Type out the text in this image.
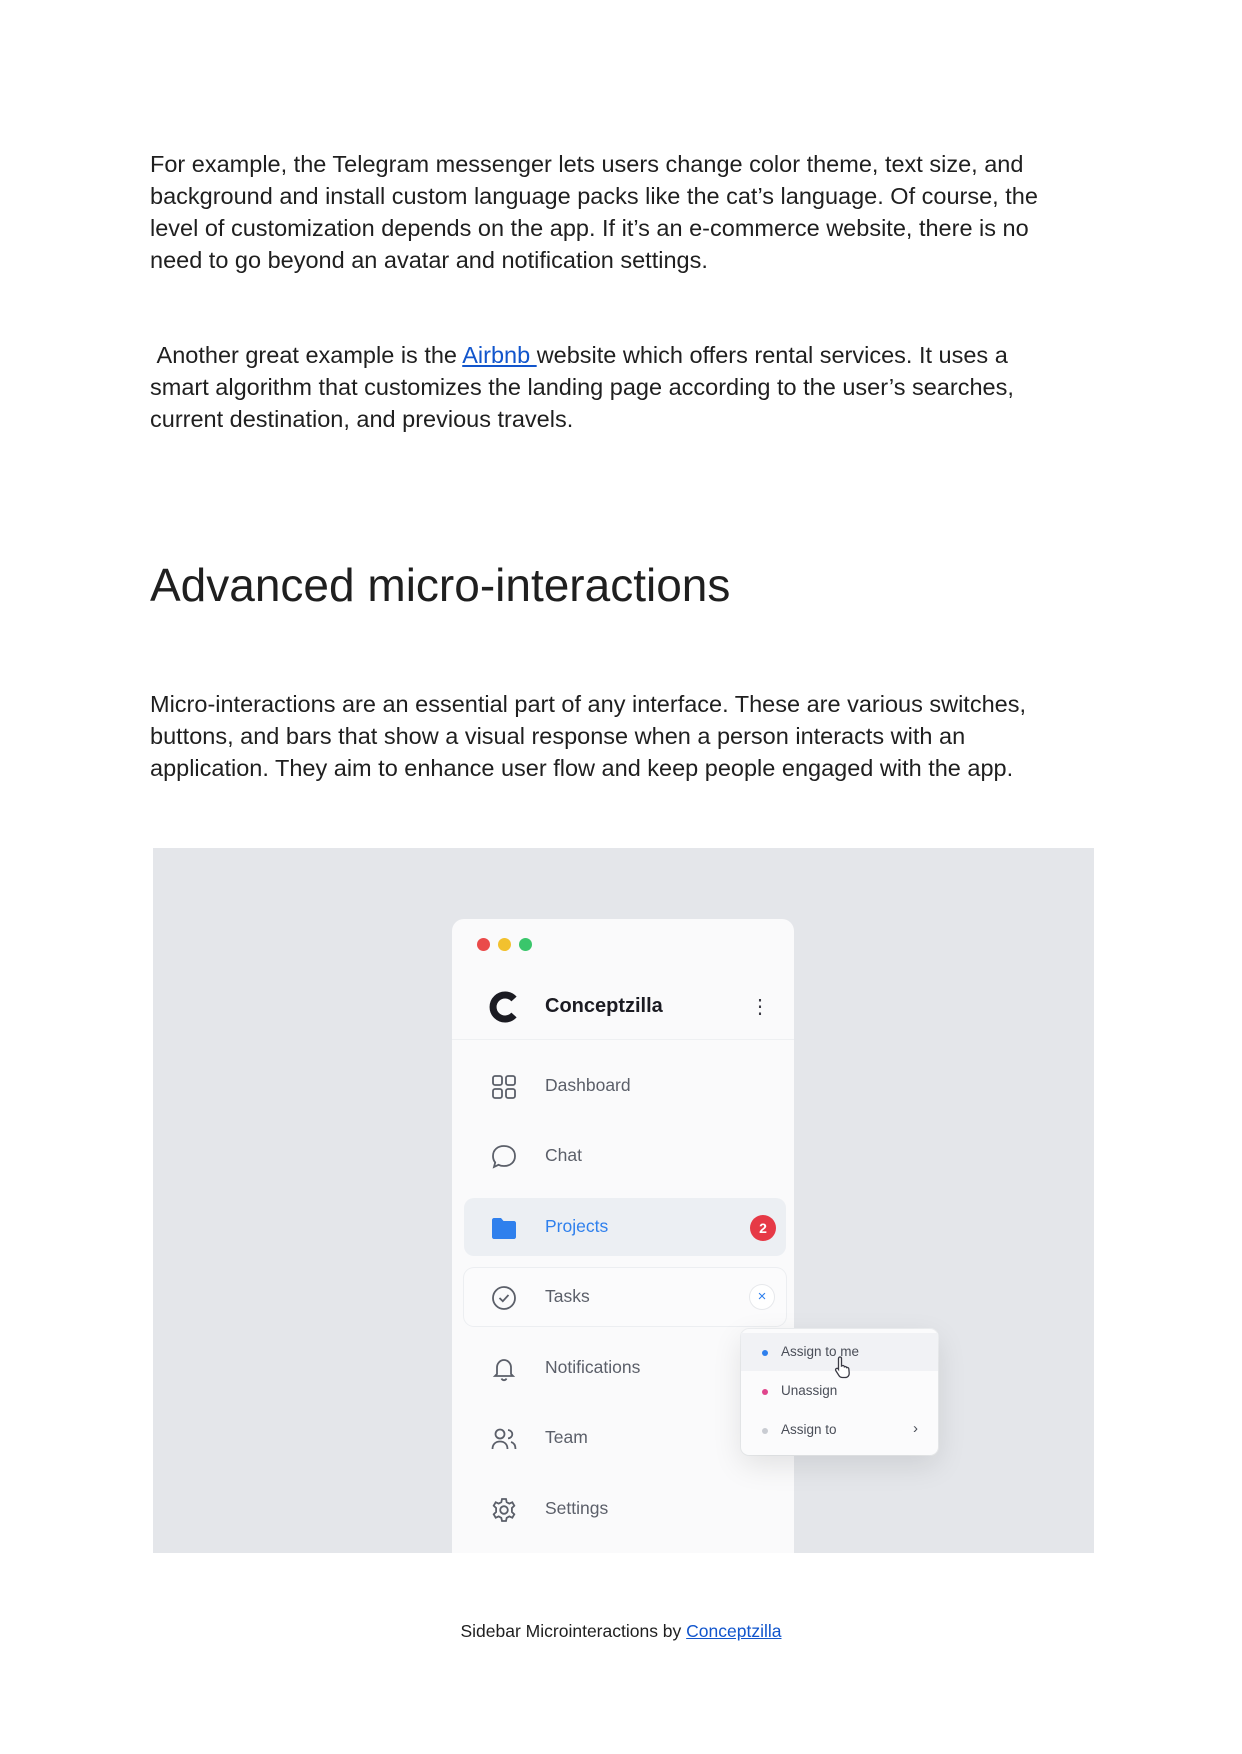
For example, the Telegram messenger lets users change color theme, text size, and background and install custom language packs like the cat’s language. Of course, the level of customization depends on the app. If it’s an e-commerce website, there is no need to go beyond an avatar and notification settings.

Another great example is the Airbnb website which offers rental services. It uses a smart algorithm that customizes the landing page according to the user’s searches, current destination, and previous travels.

Advanced micro-interactions

Micro-interactions are an essential part of any interface. These are various switches, buttons, and bars that show a visual response when a person interacts with an application. They aim to enhance user flow and keep people engaged with the app.

Conceptzilla	⋮
Dashboard
Chat
Projects	2
Tasks	×
Notifications
Team
Settings
Assign to me
Unassign
Assign to	›
Sidebar Microinteractions by Conceptzilla
